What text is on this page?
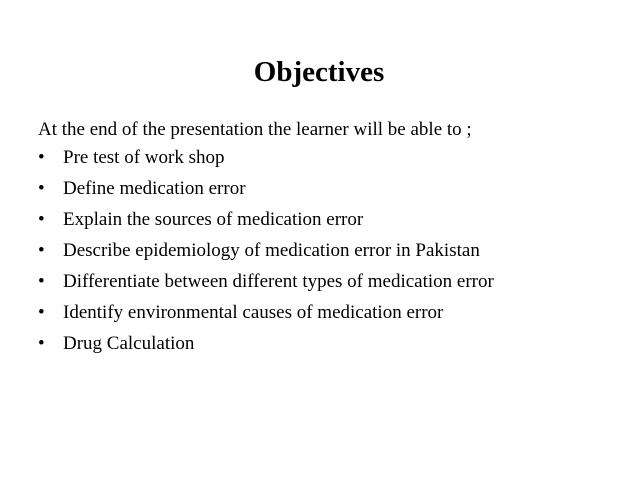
Objectives
At the end of the presentation the learner will be able to ;
• Pre test of work shop
• Define medication error
• Explain the sources of medication error
• Describe epidemiology of medication error in Pakistan
• Differentiate between different types of medication error
• Identify environmental causes of medication error
• Drug Calculation
